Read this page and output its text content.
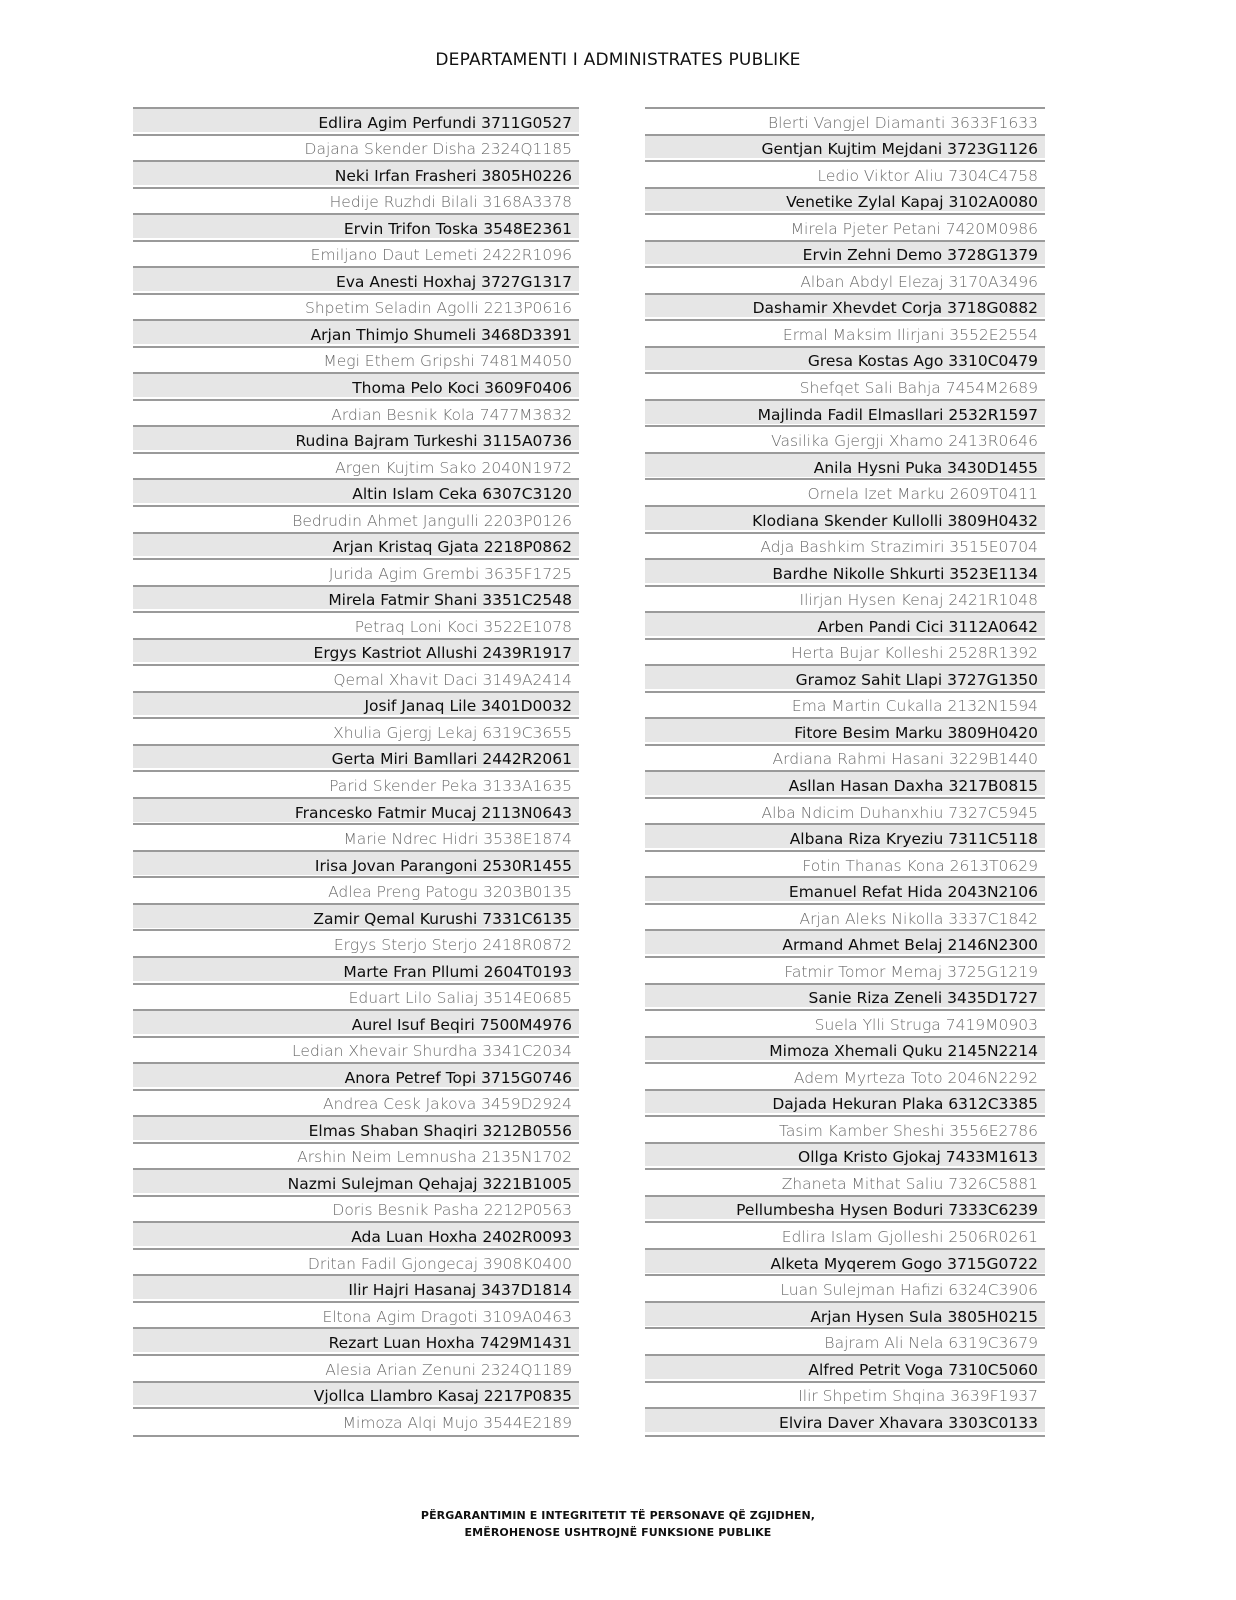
DEPARTAMENTI I ADMINISTRATES PUBLIKE
Edlira Agim Perfundi 3711G0527
Dajana Skender Disha 2324Q1185
Neki Irfan Frasheri 3805H0226
Hedije Ruzhdi Bilali 3168A3378
Ervin Trifon Toska 3548E2361
Emiljano Daut Lemeti 2422R1096
Eva Anesti Hoxhaj 3727G1317
Shpetim Seladin Agolli 2213P0616
Arjan Thimjo Shumeli 3468D3391
Megi Ethem Gripshi 7481M4050
Thoma Pelo Koci 3609F0406
Ardian Besnik Kola 7477M3832
Rudina Bajram Turkeshi 3115A0736
Argen Kujtim Sako 2040N1972
Altin Islam Ceka 6307C3120
Bedrudin Ahmet Jangulli 2203P0126
Arjan Kristaq Gjata 2218P0862
Jurida Agim Grembi 3635F1725
Mirela Fatmir Shani 3351C2548
Petraq Loni Koci 3522E1078
Ergys Kastriot Allushi 2439R1917
Qemal Xhavit Daci 3149A2414
Josif Janaq Lile 3401D0032
Xhulia Gjergj Lekaj 6319C3655
Gerta Miri Bamllari 2442R2061
Parid Skender Peka 3133A1635
Francesko Fatmir Mucaj 2113N0643
Marie Ndrec Hidri 3538E1874
Irisa Jovan Parangoni 2530R1455
Adlea Preng Patogu 3203B0135
Zamir Qemal Kurushi 7331C6135
Ergys Sterjo Sterjo 2418R0872
Marte Fran Pllumi 2604T0193
Eduart Lilo Saliaj 3514E0685
Aurel Isuf Beqiri 7500M4976
Ledian Xhevair Shurdha 3341C2034
Anora Petref Topi 3715G0746
Andrea Cesk Jakova 3459D2924
Elmas Shaban Shaqiri 3212B0556
Arshin Neim Lemnusha 2135N1702
Nazmi Sulejman Qehajaj 3221B1005
Doris Besnik Pasha 2212P0563
Ada Luan Hoxha 2402R0093
Dritan Fadil Gjongecaj 3908K0400
Ilir Hajri Hasanaj 3437D1814
Eltona Agim Dragoti 3109A0463
Rezart Luan Hoxha 7429M1431
Alesia Arian Zenuni 2324Q1189
Vjollca Llambro Kasaj 2217P0835
Mimoza Alqi Mujo 3544E2189
Blerti Vangjel Diamanti 3633F1633
Gentjan Kujtim Mejdani 3723G1126
Ledio Viktor Aliu 7304C4758
Venetike Zylal Kapaj 3102A0080
Mirela Pjeter Petani 7420M0986
Ervin Zehni Demo 3728G1379
Alban Abdyl Elezaj 3170A3496
Dashamir Xhevdet Corja 3718G0882
Ermal Maksim Ilirjani 3552E2554
Gresa Kostas Ago 3310C0479
Shefqet Sali Bahja 7454M2689
Majlinda Fadil Elmasllari 2532R1597
Vasilika Gjergji Xhamo 2413R0646
Anila Hysni Puka 3430D1455
Ornela Izet Marku 2609T0411
Klodiana Skender Kullolli 3809H0432
Adja Bashkim Strazimiri 3515E0704
Bardhe Nikolle Shkurti 3523E1134
Ilirjan Hysen Kenaj 2421R1048
Arben Pandi Cici 3112A0642
Herta Bujar Kolleshi 2528R1392
Gramoz Sahit Llapi 3727G1350
Ema Martin Cukalla 2132N1594
Fitore Besim Marku 3809H0420
Ardiana Rahmi Hasani 3229B1440
Asllan Hasan Daxha 3217B0815
Alba Ndicim Duhanxhiu 7327C5945
Albana Riza Kryeziu 7311C5118
Fotin Thanas Kona 2613T0629
Emanuel Refat Hida 2043N2106
Arjan Aleks Nikolla 3337C1842
Armand Ahmet Belaj 2146N2300
Fatmir Tomor Memaj 3725G1219
Sanie Riza Zeneli 3435D1727
Suela Ylli Struga 7419M0903
Mimoza Xhemali Quku 2145N2214
Adem Myrteza Toto 2046N2292
Dajada Hekuran Plaka 6312C3385
Tasim Kamber Sheshi 3556E2786
Ollga Kristo Gjokaj 7433M1613
Zhaneta Mithat Saliu 7326C5881
Pellumbesha Hysen Boduri 7333C6239
Edlira Islam Gjolleshi 2506R0261
Alketa Myqerem Gogo 3715G0722
Luan Sulejman Hafizi 6324C3906
Arjan Hysen Sula 3805H0215
Bajram Ali Nela 6319C3679
Alfred Petrit Voga 7310C5060
Ilir Shpetim Shqina 3639F1937
Elvira Daver Xhavara 3303C0133
PËRGARANTIMIN E INTEGRITETIT TË PERSONAVE QË ZGJIDHEN,
EMËROHENOSE USHTROJNË FUNKSIONE PUBLIKE
